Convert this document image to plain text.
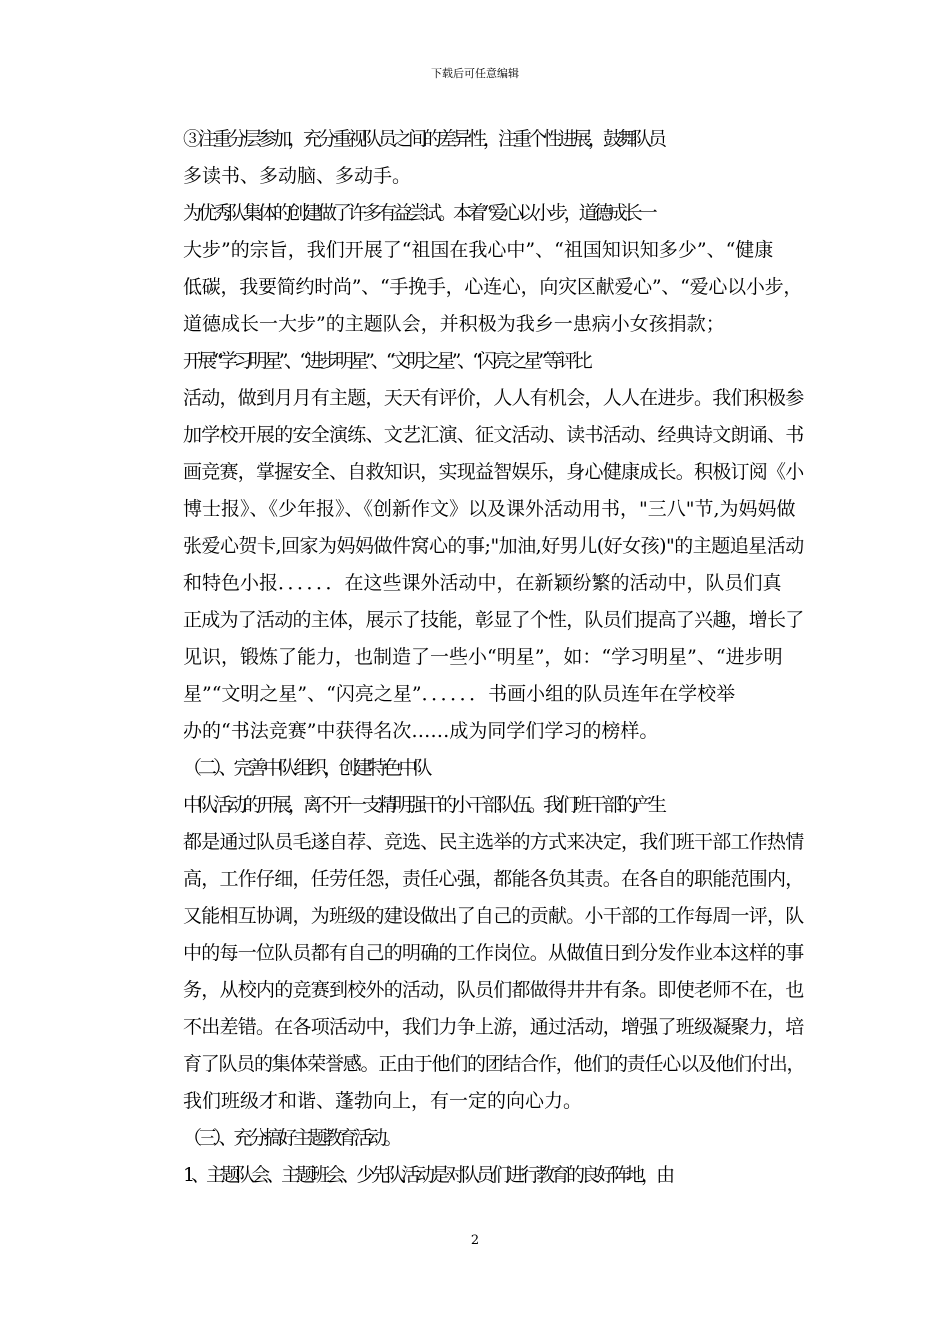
下载后可任意编辑

③注重分层参加，充分重视队员之间的差异性，注重个性进展，鼓舞队员
多读书、多动脑、多动手。

为优秀队集体的创建做了许多有益尝试。本着“爱心以小步，道德成长一
大步”的宗旨，我们开展了“祖国在我心中”、“祖国知识知多少”、“健康
低碳，我要简约时尚”、“手挽手，心连心，向灾区献爱心”、“爱心以小步，
道德成长一大步”的主题队会，并积极为我乡一患病小女孩捐款；

开展“学习明星”、“进步明星”、“文明之星”、“闪亮之星”等评比
活动，做到月月有主题，天天有评价，人人有机会，人人在进步。我们积极参
加学校开展的安全演练、文艺汇演、征文活动、读书活动、经典诗文朗诵、书
画竞赛，掌握安全、自救知识，实现益智娱乐，身心健康成长。积极订阅《小
博士报》、《少年报》、《创新作文》以及课外活动用书，"三八"节,为妈妈做
张爱心贺卡,回家为妈妈做件窝心的事;"加油,好男儿(好女孩)"的主题追星活动
和特色小报．．．．．．在这些课外活动中，在新颖纷繁的活动中，队员们真
正成为了活动的主体，展示了技能，彰显了个性，队员们提高了兴趣，增长了
见识，锻炼了能力，也制造了一些小“明星”，如：“学习明星”、“进步明
星”“文明之星”、“闪亮之星”．．．．．．书画小组的队员连年在学校举
办的“书法竞赛”中获得名次……成为同学们学习的榜样。

（二）、完善中队组织，创建特色中队

中队活动的开展，离不开一支精明强干的小干部队伍。我们班干部的产生
都是通过队员毛遂自荐、竞选、民主选举的方式来决定，我们班干部工作热情
高，工作仔细，任劳任怨，责任心强，都能各负其责。在各自的职能范围内，
又能相互协调，为班级的建设做出了自己的贡献。小干部的工作每周一评，队
中的每一位队员都有自己的明确的工作岗位。从做值日到分发作业本这样的事
务，从校内的竞赛到校外的活动，队员们都做得井井有条。即使老师不在，也
不出差错。在各项活动中，我们力争上游，通过活动，增强了班级凝聚力，培
育了队员的集体荣誉感。正由于他们的团结合作，他们的责任心以及他们付出，
我们班级才和谐、蓬勃向上，有一定的向心力。

（三）、充分搞好主题教育活动。

1、主题队会、主题班会、少先队活动是对队员们进行教育的良好阵地，由

2
